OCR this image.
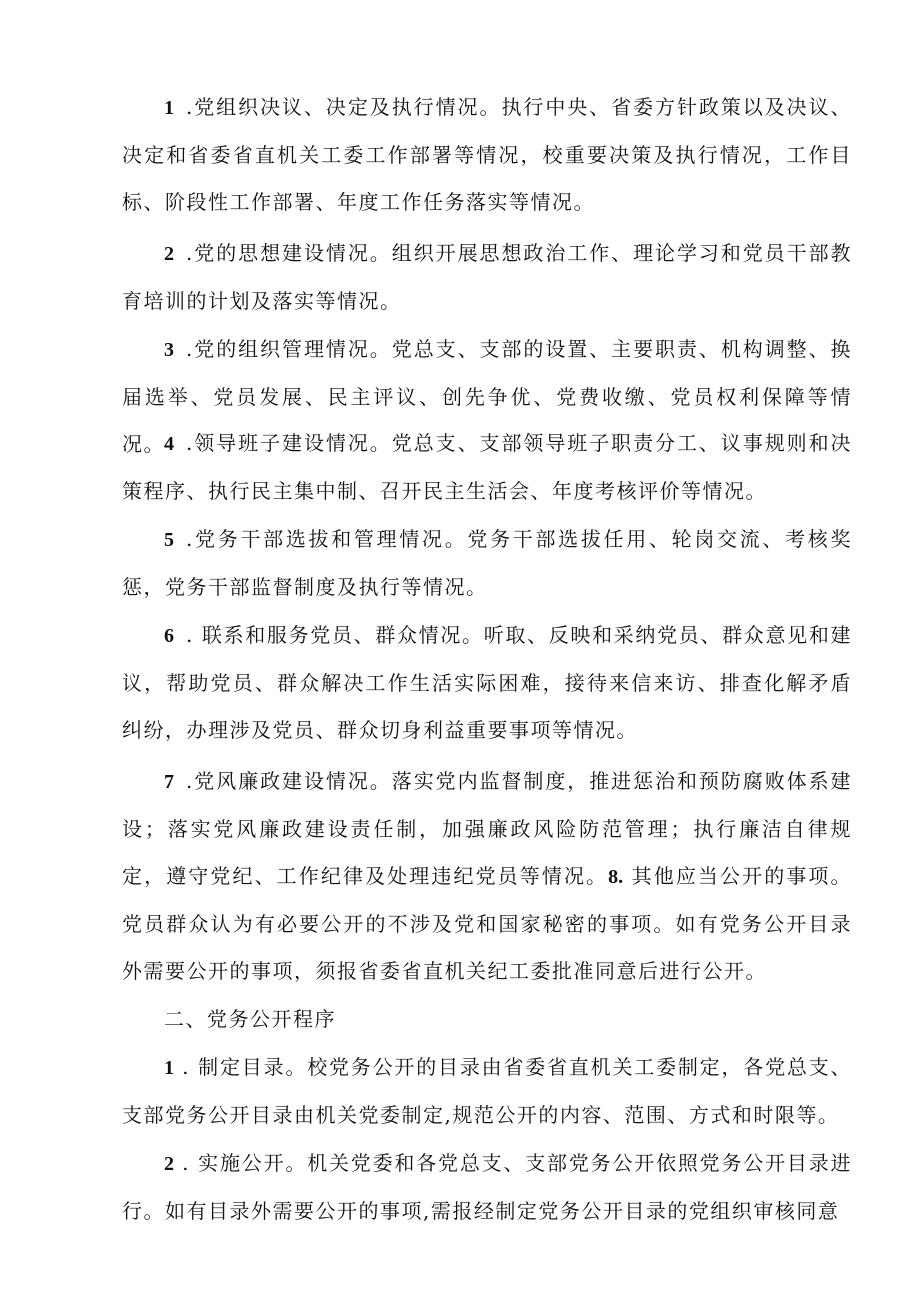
1 .党组织决议、决定及执行情况。执行中央、省委方针政策以及决议、决定和省委省直机关工委工作部署等情况，校重要决策及执行情况，工作目标、阶段性工作部署、年度工作任务落实等情况。

2 .党的思想建设情况。组织开展思想政治工作、理论学习和党员干部教育培训的计划及落实等情况。

3 .党的组织管理情况。党总支、支部的设置、主要职责、机构调整、换届选举、党员发展、民主评议、创先争优、党费收缴、党员权利保障等情况。 4 .领导班子建设情况。党总支、支部领导班子职责分工、议事规则和决策程序、执行民主集中制、召开民主生活会、年度考核评价等情况。

5 .党务干部选拔和管理情况。党务干部选拔任用、轮岗交流、考核奖惩，党务干部监督制度及执行等情况。

6 . 联系和服务党员、群众情况。听取、反映和采纳党员、群众意见和建议，帮助党员、群众解决工作生活实际困难，接待来信来访、排查化解矛盾纠纷，办理涉及党员、群众切身利益重要事项等情况。

7 .党风廉政建设情况。落实党内监督制度，推进惩治和预防腐败体系建设；落实党风廉政建设责任制，加强廉政风险防范管理；执行廉洁自律规定，遵守党纪、工作纪律及处理违纪党员等情况。8. 其他应当公开的事项。党员群众认为有必要公开的不涉及党和国家秘密的事项。如有党务公开目录外需要公开的事项，须报省委省直机关纪工委批准同意后进行公开。

二、党务公开程序

1 . 制定目录。校党务公开的目录由省委省直机关工委制定，各党总支、支部党务公开目录由机关党委制定,规范公开的内容、范围、方式和时限等。

2 . 实施公开。机关党委和各党总支、支部党务公开依照党务公开目录进行。如有目录外需要公开的事项,需报经制定党务公开目录的党组织审核同意
